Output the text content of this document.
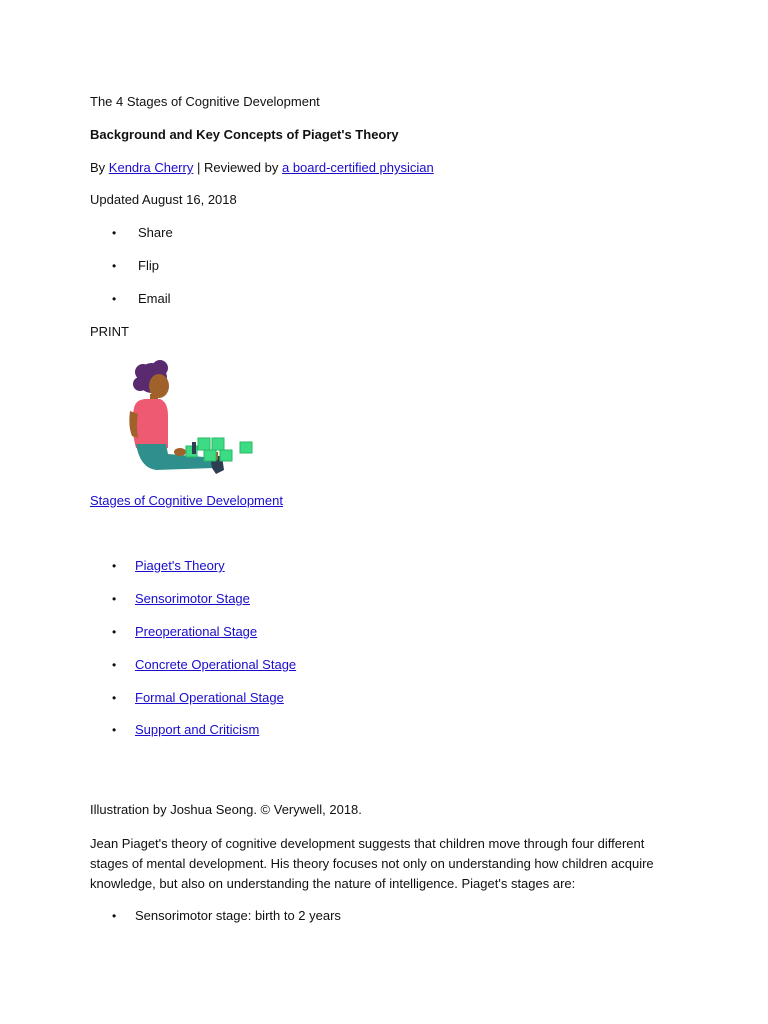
The 4 Stages of Cognitive Development
Background and Key Concepts of Piaget's Theory
By Kendra Cherry | Reviewed by a board-certified physician
Updated August 16, 2018
• Share
• Flip
• Email
PRINT
Stages of Cognitive Development
• Piaget's Theory
• Sensorimotor Stage
• Preoperational Stage
• Concrete Operational Stage
• Formal Operational Stage
• Support and Criticism
Illustration by Joshua Seong. © Verywell, 2018.

Jean Piaget's theory of cognitive development suggests that children move through four different stages of mental development. His theory focuses not only on understanding how children acquire knowledge, but also on understanding the nature of intelligence. Piaget's stages are:

• Sensorimotor stage: birth to 2 years
